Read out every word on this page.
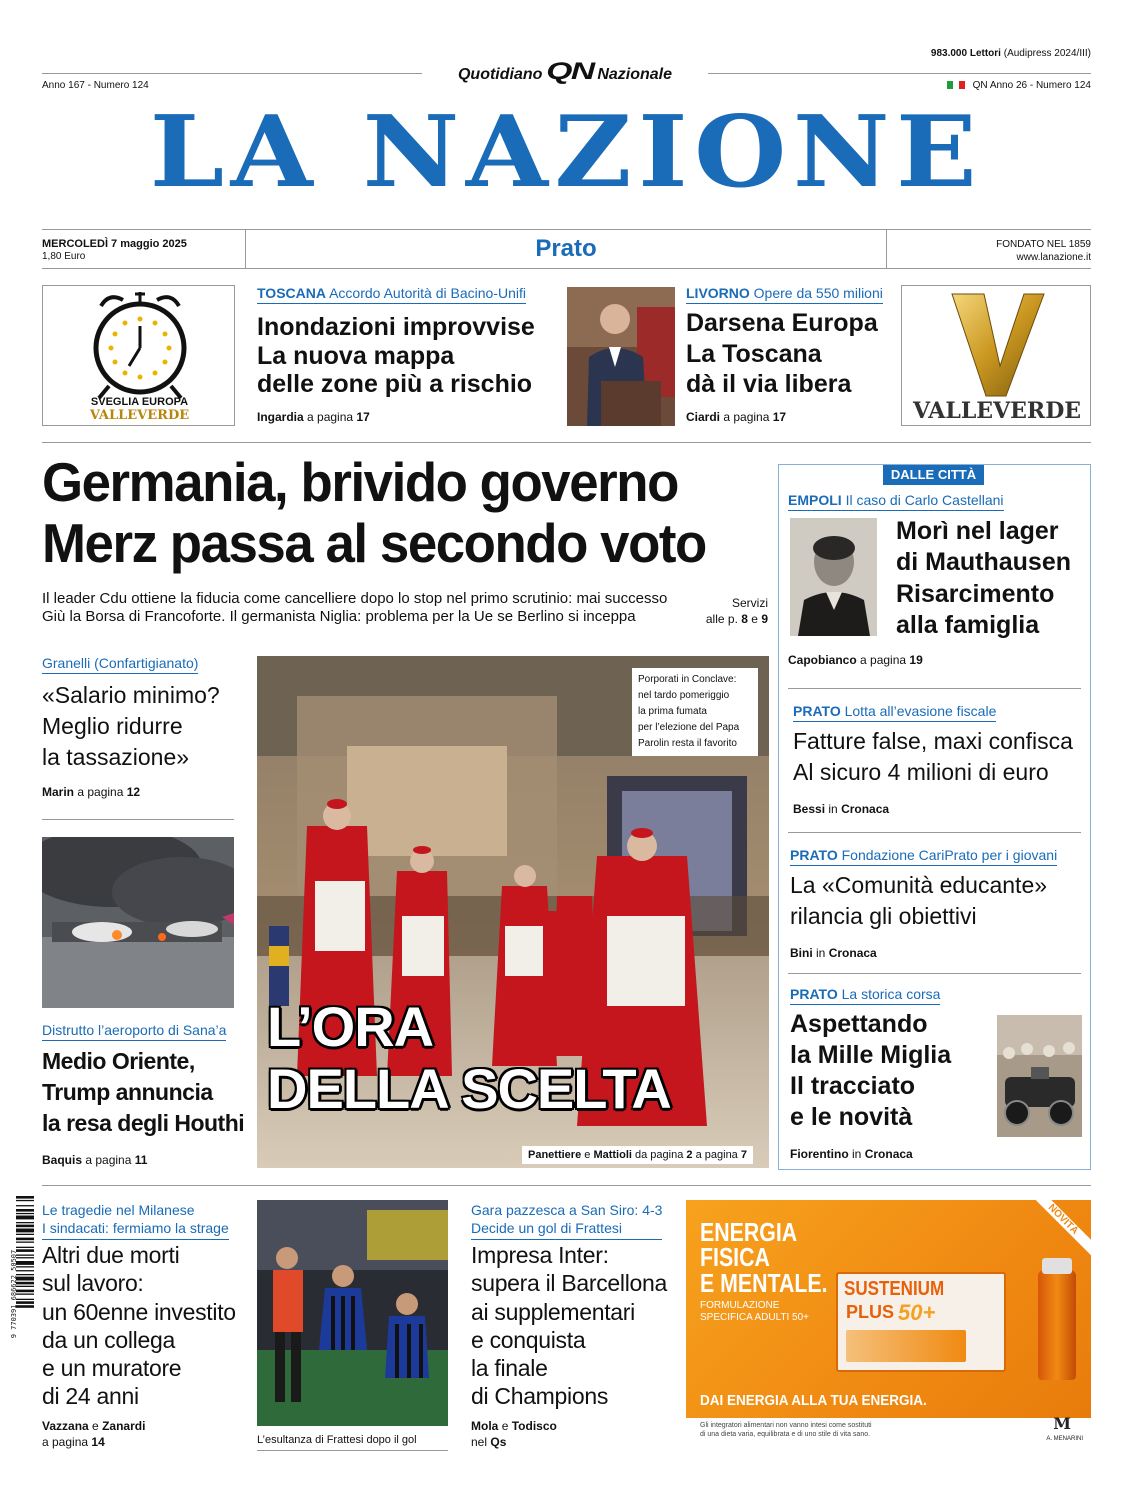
983.000 Lettori (Audipress 2024/III)
Quotidiano QN Nazionale
Anno 167 - Numero 124	QN Anno 26 - Numero 124
LA NAZIONE
MERCOLEDÌ 7 maggio 2025
1,80 Euro	Prato	FONDATO NEL 1859
www.lanazione.it
SVEGLIA EUROPA
VALLEVERDE
TOSCANA Accordo Autorità di Bacino-Unifi
Inondazioni improvvise
La nuova mappa
delle zone più a rischio
Ingardia a pagina 17
LIVORNO Opere da 550 milioni
Darsena Europa
La Toscana
dà il via libera
Ciardi a pagina 17	VALLEVERDE
Germania, brivido governo
Merz passa al secondo voto
Il leader Cdu ottiene la fiducia come cancelliere dopo lo stop nel primo scrutinio: mai successo
Giù la Borsa di Francoforte. Il germanista Niglia: problema per la Ue se Berlino si inceppa
Servizi
alle p. 8 e 9
Granelli (Confartigianato)
«Salario minimo?
Meglio ridurre
la tassazione»
Marin a pagina 12
Distrutto l’aeroporto di Sana’a
Medio Oriente,
Trump annuncia
la resa degli Houthi
Baquis a pagina 11
Porporati in Conclave:
nel tardo pomeriggio
la prima fumata
per l’elezione del Papa
Parolin resta il favorito
L’ORA
DELLA SCELTA
Panettiere e Mattioli da pagina 2 a pagina 7
DALLE CITTÀ
EMPOLI Il caso di Carlo Castellani
Morì nel lager
di Mauthausen
Risarcimento
alla famiglia
Capobianco a pagina 19
PRATO Lotta all’evasione fiscale
Fatture false, maxi confisca
Al sicuro 4 milioni di euro
Bessi in Cronaca
PRATO Fondazione CariPrato per i giovani
La «Comunità educante»
rilancia gli obiettivi
Bini in Cronaca
PRATO La storica corsa
Aspettando
la Mille Miglia
Il tracciato
e le novità
Fiorentino in Cronaca
9 770391 686622 50507
Le tragedie nel Milanese
I sindacati: fermiamo la strage
Altri due morti
sul lavoro:
un 60enne investito
da un collega
e un muratore
di 24 anni
Vazzana e Zanardi
a pagina 14	L’esultanza di Frattesi dopo il gol
Gara pazzesca a San Siro: 4-3
Decide un gol di Frattesi
Impresa Inter:
supera il Barcellona
ai supplementari
e conquista
la finale
di Champions
Mola e Todisco
nel Qs
NOVITÀ
ENERGIA
FISICA
E MENTALE.
FORMULAZIONE
SPECIFICA ADULTI 50+
SUSTENIUM
PLUS 50+
DAI ENERGIA ALLA TUA ENERGIA.
Gli integratori alimentari non vanno intesi come sostituti
di una dieta varia, equilibrata e di uno stile di vita sano.
M
A. MENARINI
